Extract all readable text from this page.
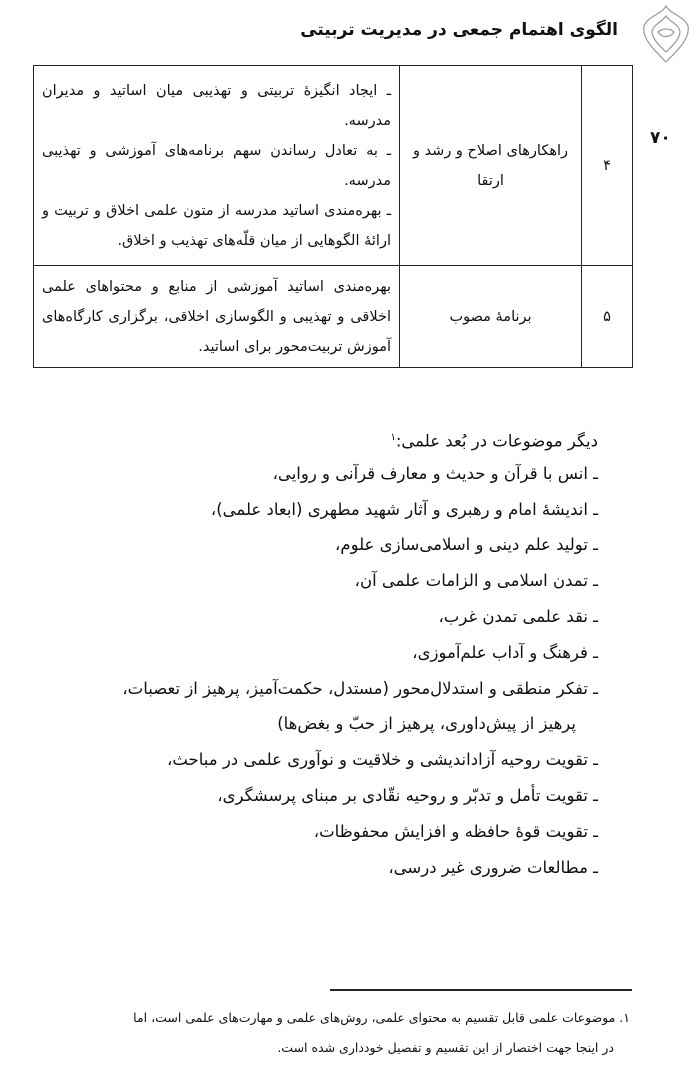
الگوی اهتمام جمعی در مدیریت تربیتی
۷۰
۴	راهکارهای اصلاح و رشد و ارتقا	ـ ایجاد انگیزهٔ تربیتی و تهذیبی میان اساتید و مدیران مدرسه.
ـ به تعادل رساندن سهم برنامه‌های آموزشی و تهذیبی مدرسه.
ـ بهره‌مندی اساتید مدرسه از متون علمی اخلاق و تربیت و ارائهٔ الگوهایی از میان قلّه‌های تهذیب و اخلاق.

۵	برنامهٔ مصوب	بهره‌مندی اساتید آموزشی از منابع و محتواهای علمی اخلاقی و تهذیبی و الگوسازی اخلاقی، برگزاری کارگاه‌های آموزش تربیت‌محور برای اساتید.
دیگر موضوعات در بُعد علمی:$^۱$
ـ انس با قرآن و حدیث و معارف قرآنی و روایی،
ـ اندیشهٔ امام و رهبری و آثار شهید مطهری (ابعاد علمی)،
ـ تولید علم دینی و اسلامی‌سازی علوم،
ـ تمدن اسلامی و الزامات علمی آن،
ـ نقد علمی تمدن غرب،
ـ فرهنگ و آداب علم‌آموزی،
ـ تفکر منطقی و استدلال‌محور (مستدل، حکمت‌آمیز، پرهیز از تعصبات،
پرهیز از پیش‌داوری، پرهیز از حبّ و بغض‌ها)
ـ تقویت روحیه آزاداندیشی و خلاقیت و نوآوری علمی در مباحث،
ـ تقویت تأمل و تدبّر و روحیه نقّادی بر مبنای پرسشگری،
ـ تقویت قوهٔ حافظه و افزایش محفوظات،
ـ مطالعات ضروری غیر درسی،
۱. موضوعات علمی قابل تقسیم به محتوای علمی، روش‌های علمی و مهارت‌های علمی است، اما
در اینجا جهت اختصار از این تقسیم و تفصیل خودداری شده است.
